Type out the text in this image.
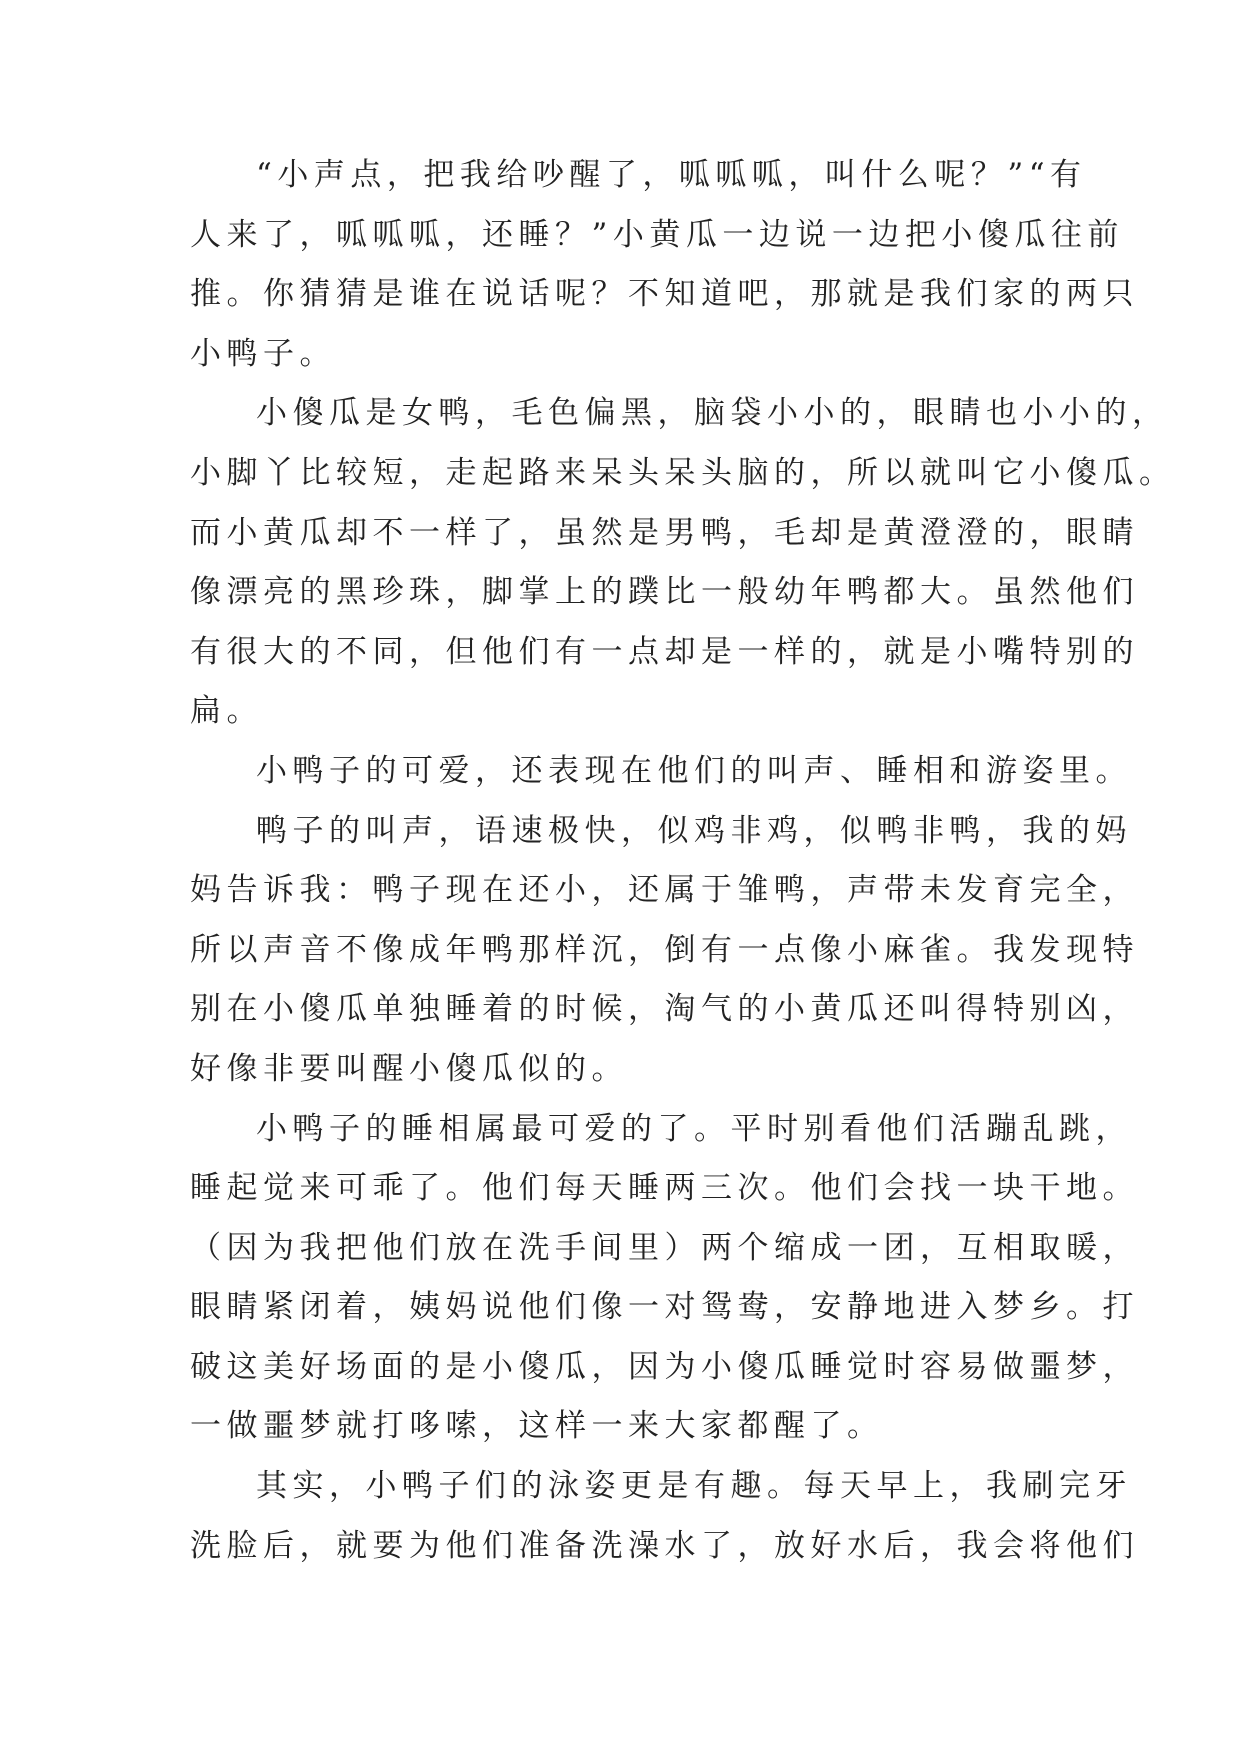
“小声点，把我给吵醒了，呱呱呱，叫什么呢？”“有
人来了，呱呱呱，还睡？”小黄瓜一边说一边把小傻瓜往前
推。你猜猜是谁在说话呢？不知道吧，那就是我们家的两只
小鸭子。
小傻瓜是女鸭，毛色偏黑，脑袋小小的，眼睛也小小的，
小脚丫比较短，走起路来呆头呆头脑的，所以就叫它小傻瓜。
而小黄瓜却不一样了，虽然是男鸭，毛却是黄澄澄的，眼睛
像漂亮的黑珍珠，脚掌上的蹼比一般幼年鸭都大。虽然他们
有很大的不同，但他们有一点却是一样的，就是小嘴特别的
扁。
小鸭子的可爱，还表现在他们的叫声、睡相和游姿里。
鸭子的叫声，语速极快，似鸡非鸡，似鸭非鸭，我的妈
妈告诉我：鸭子现在还小，还属于雏鸭，声带未发育完全，
所以声音不像成年鸭那样沉，倒有一点像小麻雀。我发现特
别在小傻瓜单独睡着的时候，淘气的小黄瓜还叫得特别凶，
好像非要叫醒小傻瓜似的。
小鸭子的睡相属最可爱的了。平时别看他们活蹦乱跳，
睡起觉来可乖了。他们每天睡两三次。他们会找一块干地。
（因为我把他们放在洗手间里）两个缩成一团，互相取暖，
眼睛紧闭着，姨妈说他们像一对鸳鸯，安静地进入梦乡。打
破这美好场面的是小傻瓜，因为小傻瓜睡觉时容易做噩梦，
一做噩梦就打哆嗦，这样一来大家都醒了。
其实，小鸭子们的泳姿更是有趣。每天早上，我刷完牙
洗脸后，就要为他们准备洗澡水了，放好水后，我会将他们
